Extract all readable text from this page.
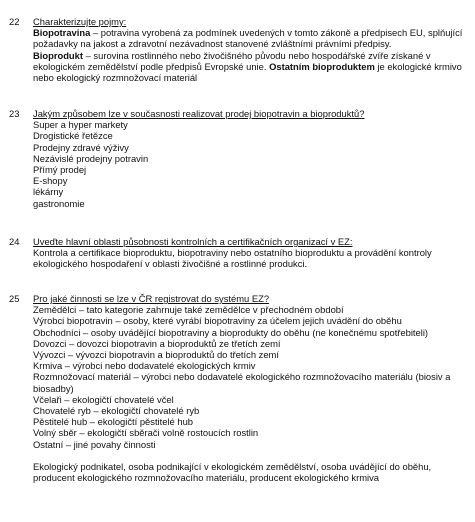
22	Charakterizujte pojmy:
Biopotravina – potravina vyrobená za podmínek uvedených v tomto zákoně a předpisech EU, splňující požadavky na jakost a zdravotní nezávadnost stanovené zvláštními právními předpisy.
Bioprodukt – surovina rostlinného nebo živočišného původu nebo hospodářské zvíře získané v ekologickém zemědělství podle předpisů Evropské unie. Ostatním bioproduktem je ekologické krmivo nebo ekologický rozmnožovací materiál
23	Jakým způsobem lze v současnosti realizovat prodej biopotravin a bioproduktů?
Super a hyper markety
Drogistické řetězce
Prodejny zdravé výživy
Nezávislé prodejny potravin
Přímý prodej
E-shopy
lékárny
gastronomie
24	Uveďte hlavní oblasti působnosti kontrolních a certifikačních organizací v EZ:
Kontrola a certifikace bioproduktu, biopotraviny nebo ostatního bioproduktu a provádění kontroly ekologického hospodaření v oblasti živočišné a rostlinné produkci.
25	Pro jaké činnosti se lze v ČR registrovat do systému EZ?
Zemědělci – tato kategorie zahrnuje také zemědělce v přechodném období
Výrobci biopotravin – osoby, které vyrábí biopotraviny za účelem jejich uvádění do oběhu
Obchodníci – osoby uvádějící biopotraviny a bioprodukty do oběhu (ne konečnému spotřebiteli)
Dovozci – dovozci biopotravin a bioproduktů ze třetích zemí
Vývozci – vývozci biopotravin a bioproduktů do třetích zemí
Krmiva – výrobci nebo dodavatelé ekologických krmiv
Rozmnožovací materiál – výrobci nebo dodavatelé ekologického rozmnožovacího materiálu (biosiv a biosadby)
Včelaři – ekologičtí chovatelé včel
Chovatelé ryb – ekologičtí chovatelé ryb
Pěstitelé hub – ekologičtí pěstitelé hub
Volný sběr – ekologičtí sběrači volně rostoucích rostlin
Ostatní – jiné povahy činnosti
Ekologický podnikatel, osoba podnikající v ekologickém zemědělství, osoba uvádějící do oběhu, producent ekologického rozmnožovacího materiálu, producent ekologického krmiva
